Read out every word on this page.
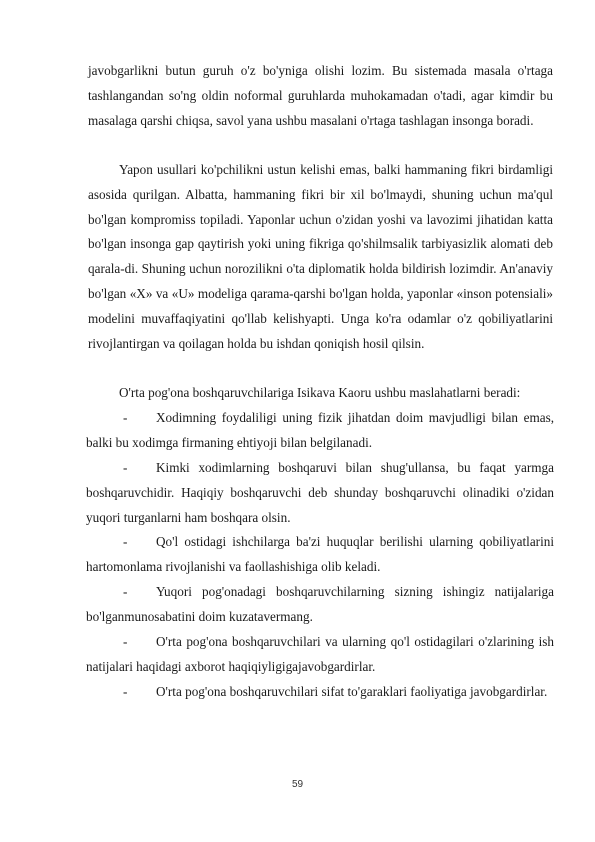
javobgarlikni butun guruh o'z bo'yniga olishi lozim. Bu sistemada masala o'rtaga tashlangandan so'ng oldin noformal guruhlarda muhokamadan o'tadi, agar kimdir bu masalaga qarshi chiqsa, savol yana ushbu masalani o'rtaga tashlagan insonga boradi.

Yapon usullari ko'pchilikni ustun kelishi emas, balki hammaning fikri birdamligi asosida qurilgan. Albatta, hammaning fikri bir xil bo'lmaydi, shuning uchun ma'qul bo'lgan kompromiss topiladi. Yaponlar uchun o'zidan yoshi va lavozimi jihatidan katta bo'lgan insonga gap qaytirish yoki uning fikriga qo'shilmsalik tarbiyasizlik alomati deb qarala-di. Shuning uchun norozilikni o'ta diplomatik holda bildirish lozimdir. An'anaviy bo'lgan «X» va «U» modeliga qarama-qarshi bo'lgan holda, yaponlar «inson potensiali» modelini muvaffaqiyatini qo'llab kelishyapti. Unga ko'ra odamlar o'z qobiliyatlarini rivojlantirgan va qoilagan holda bu ishdan qoniqish hosil qilsin.

O'rta pog'ona boshqaruvchilariga Isikava Kaoru ushbu maslahatlarni beradi:

-	Xodimning foydaliligi uning fizik jihatdan doim mavjudligi bilan emas, balki bu xodimga firmaning ehtiyoji bilan belgilanadi.
-	Kimki xodimlarning boshqaruvi bilan shug'ullansa, bu faqat yarmga boshqaruvchidir. Haqiqiy boshqaruvchi deb shunday boshqaruvchi olinadiki o'zidan yuqori turganlarni ham boshqara olsin.
-	Qo'l ostidagi ishchilarga ba'zi huquqlar berilishi ularning qobiliyatlarini hartomonlama rivojlanishi va faollashishiga olib keladi.
-	Yuqori pog'onadagi boshqaruvchilarning sizning ishingiz natijalariga bo'lganmunosabatini doim kuzatavermang.
-	O'rta pog'ona boshqaruvchilari va ularning qo'l ostidagilari o'zlarining ish natijalari haqidagi axborot haqiqiyligigajavobgardirlar.
-	O'rta pog'ona boshqaruvchilari sifat to'garaklari faoliyatiga javobgardirlar.
59
